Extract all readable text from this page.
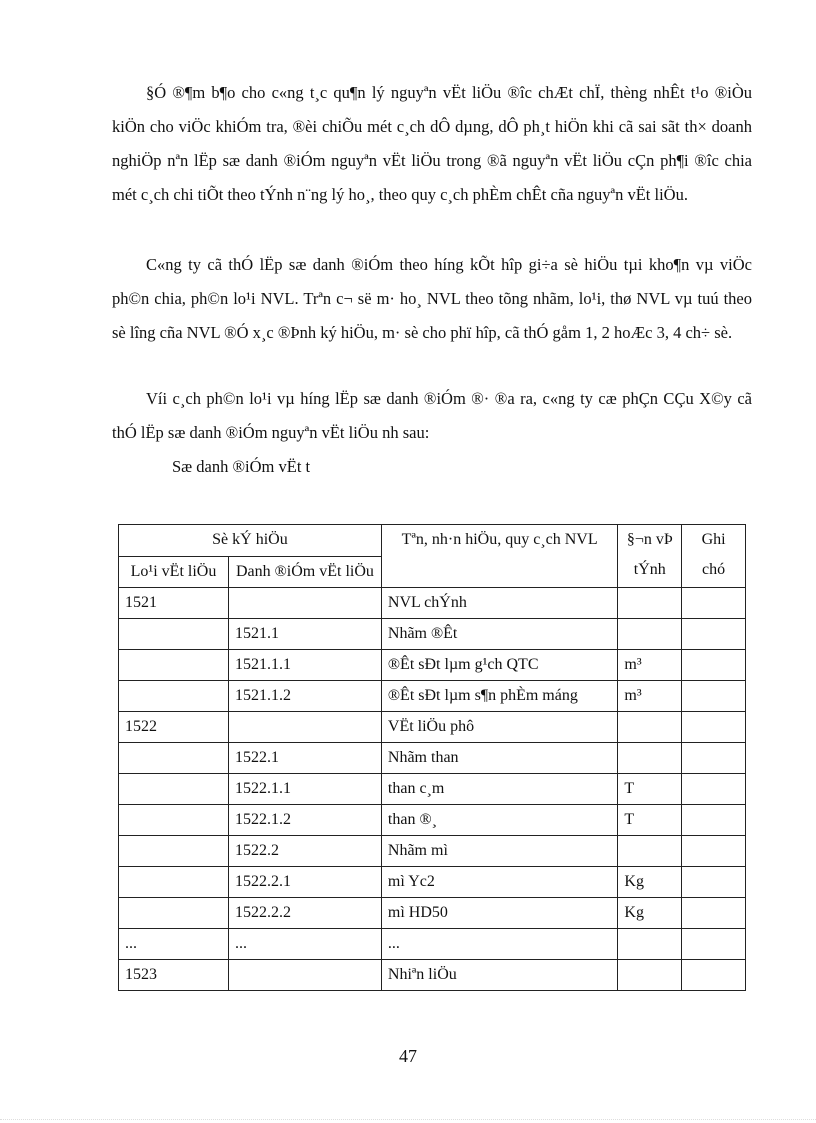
§Ó ®¶m b¶o cho c«ng t¸c qu¶n lý nguyªn vËt liÖu ®îc chÆt chÏ, thèng nhÊt t¹o ®iÒu kiÖn cho viÖc khiÓm tra, ®èi chiÕu mét c¸ch dÔ dµng, dÔ ph¸t hiÖn khi cã sai sãt th× doanh nghiÖp nªn lËp sæ danh ®iÓm nguyªn vËt liÖu trong ®ã nguyªn vËt liÖu cÇn ph¶i ®îc chia mét c¸ch chi tiÕt theo tÝnh n¨ng lý ho¸, theo quy c¸ch phÈm chÊt cña nguyªn vËt liÖu.

C«ng ty cã thÓ lËp sæ danh ®iÓm theo híng kÕt hîp gi÷a sè hiÖu tµi kho¶n vµ viÖc ph©n chia, ph©n lo¹i NVL. Trªn c¬ së m· ho¸ NVL theo tõng nhãm, lo¹i, thø NVL vµ tuú theo sè lîng cña NVL ®Ó x¸c ®Þnh ký hiÖu, m· sè cho phï hîp, cã thÓ gåm 1, 2 hoÆc 3, 4 ch÷ sè.

Víi c¸ch ph©n lo¹i vµ híng lËp sæ danh ®iÓm ®· ®a ra, c«ng ty cæ phÇn CÇu X©y cã thÓ lËp sæ danh ®iÓm nguyªn vËt liÖu nh sau:

Sæ danh ®iÓm vËt t
Sè kÝ hiÖu		Tªn, nh·n hiÖu, quy c¸ch NVL	§¬n vÞ tÝnh	Ghi chó
Lo¹i vËt liÖu	Danh ®iÓm vËt liÖu			
1521		NVL chÝnh		
	1521.1	Nhãm ®Êt		
	1521.1.1	®Êt sÐt lµm g¹ch QTC	m³	
	1521.1.2	®Êt sÐt lµm s¶n phÈm máng	m³	
1522		VËt liÖu phô		
	1522.1	Nhãm than		
	1522.1.1	than c¸m	T	
	1522.1.2	than ®¸	T	
	1522.2	Nhãm mì		
	1522.2.1	mì Yc2	Kg	
	1522.2.2	mì HD50	Kg	
...	...	...		
1523		Nhiªn liÖu		
47
